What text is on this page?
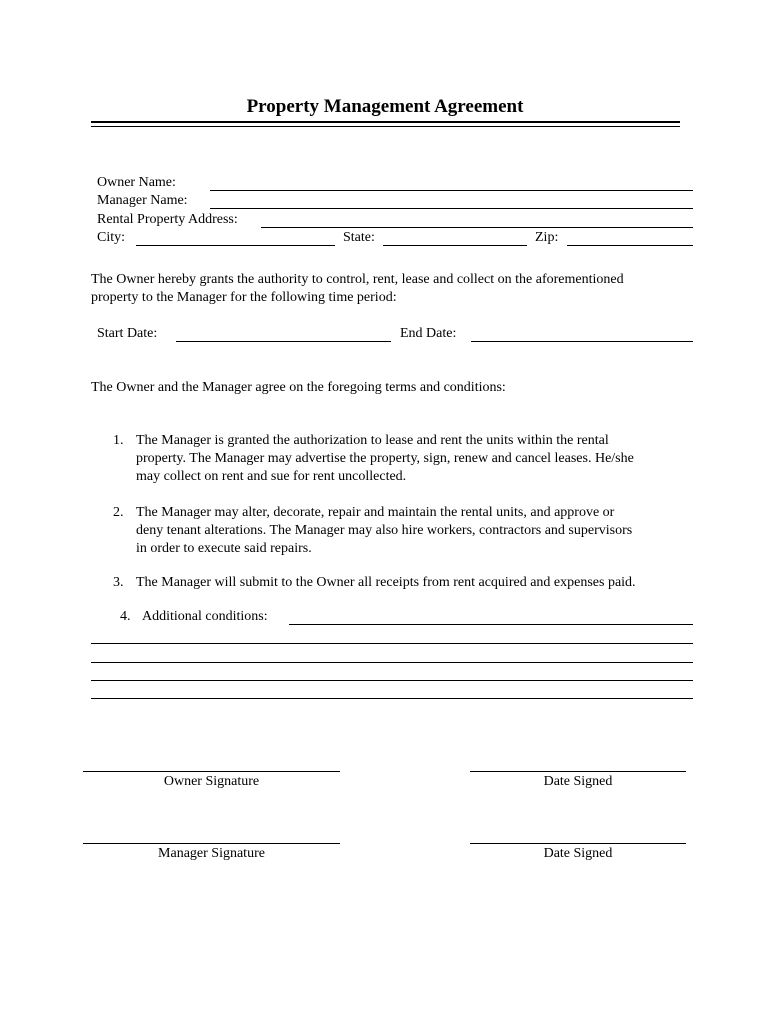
Property Management Agreement
Owner Name:
Manager Name:
Rental Property Address:
City:	State:	Zip:
The Owner hereby grants the authority to control, rent, lease and collect on the aforementioned
property to the Manager for the following time period:
Start Date:	End Date:
The Owner and the Manager agree on the foregoing terms and conditions:
1. The Manager is granted the authorization to lease and rent the units within the rental
property. The Manager may advertise the property, sign, renew and cancel leases. He/she
may collect on rent and sue for rent uncollected.
2. The Manager may alter, decorate, repair and maintain the rental units, and approve or
deny tenant alterations. The Manager may also hire workers, contractors and supervisors
in order to execute said repairs.
3. The Manager will submit to the Owner all receipts from rent acquired and expenses paid.
4. Additional conditions:
Owner Signature	Date Signed
Manager Signature	Date Signed
